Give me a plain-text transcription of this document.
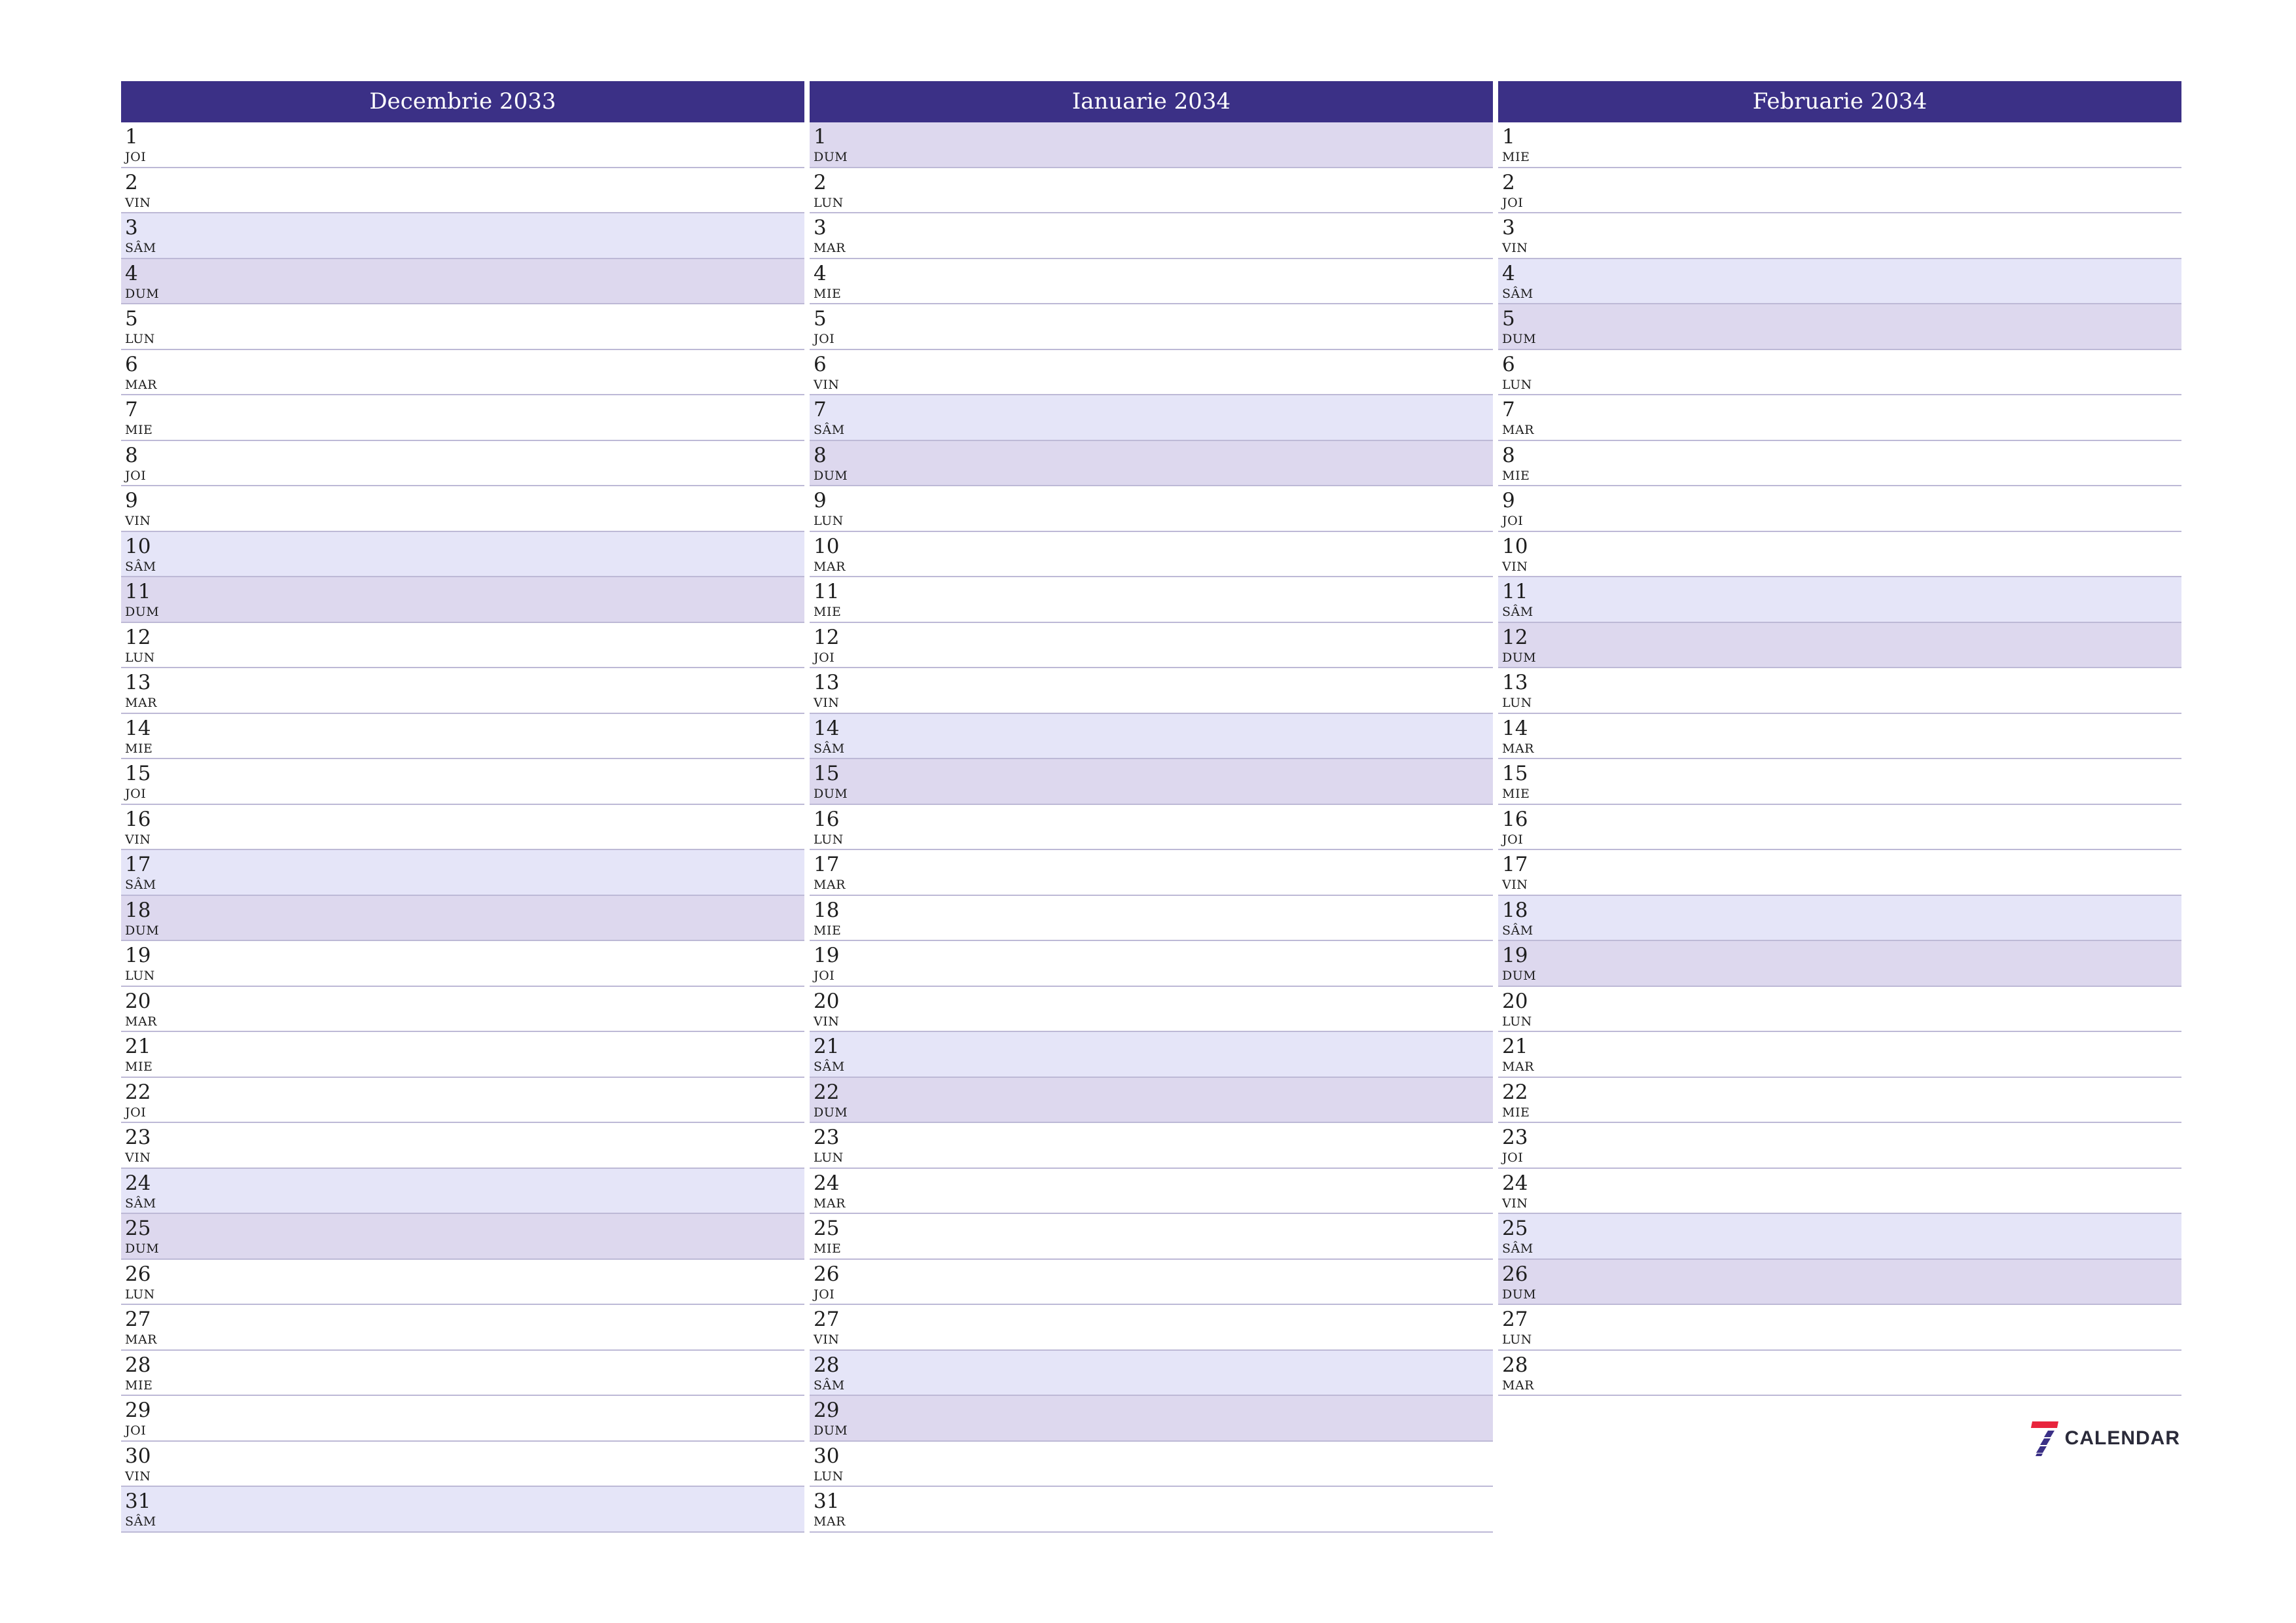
Decembrie 2033
1
JOI
2
VIN
3
SÂM
4
DUM
5
LUN
6
MAR
7
MIE
8
JOI
9
VIN
10
SÂM
11
DUM
12
LUN
13
MAR
14
MIE
15
JOI
16
VIN
17
SÂM
18
DUM
19
LUN
20
MAR
21
MIE
22
JOI
23
VIN
24
SÂM
25
DUM
26
LUN
27
MAR
28
MIE
29
JOI
30
VIN
31
SÂM
Ianuarie 2034
1
DUM
2
LUN
3
MAR
4
MIE
5
JOI
6
VIN
7
SÂM
8
DUM
9
LUN
10
MAR
11
MIE
12
JOI
13
VIN
14
SÂM
15
DUM
16
LUN
17
MAR
18
MIE
19
JOI
20
VIN
21
SÂM
22
DUM
23
LUN
24
MAR
25
MIE
26
JOI
27
VIN
28
SÂM
29
DUM
30
LUN
31
MAR
Februarie 2034
1
MIE
2
JOI
3
VIN
4
SÂM
5
DUM
6
LUN
7
MAR
8
MIE
9
JOI
10
VIN
11
SÂM
12
DUM
13
LUN
14
MAR
15
MIE
16
JOI
17
VIN
18
SÂM
19
DUM
20
LUN
21
MAR
22
MIE
23
JOI
24
VIN
25
SÂM
26
DUM
27
LUN
28
MAR
CALENDAR
